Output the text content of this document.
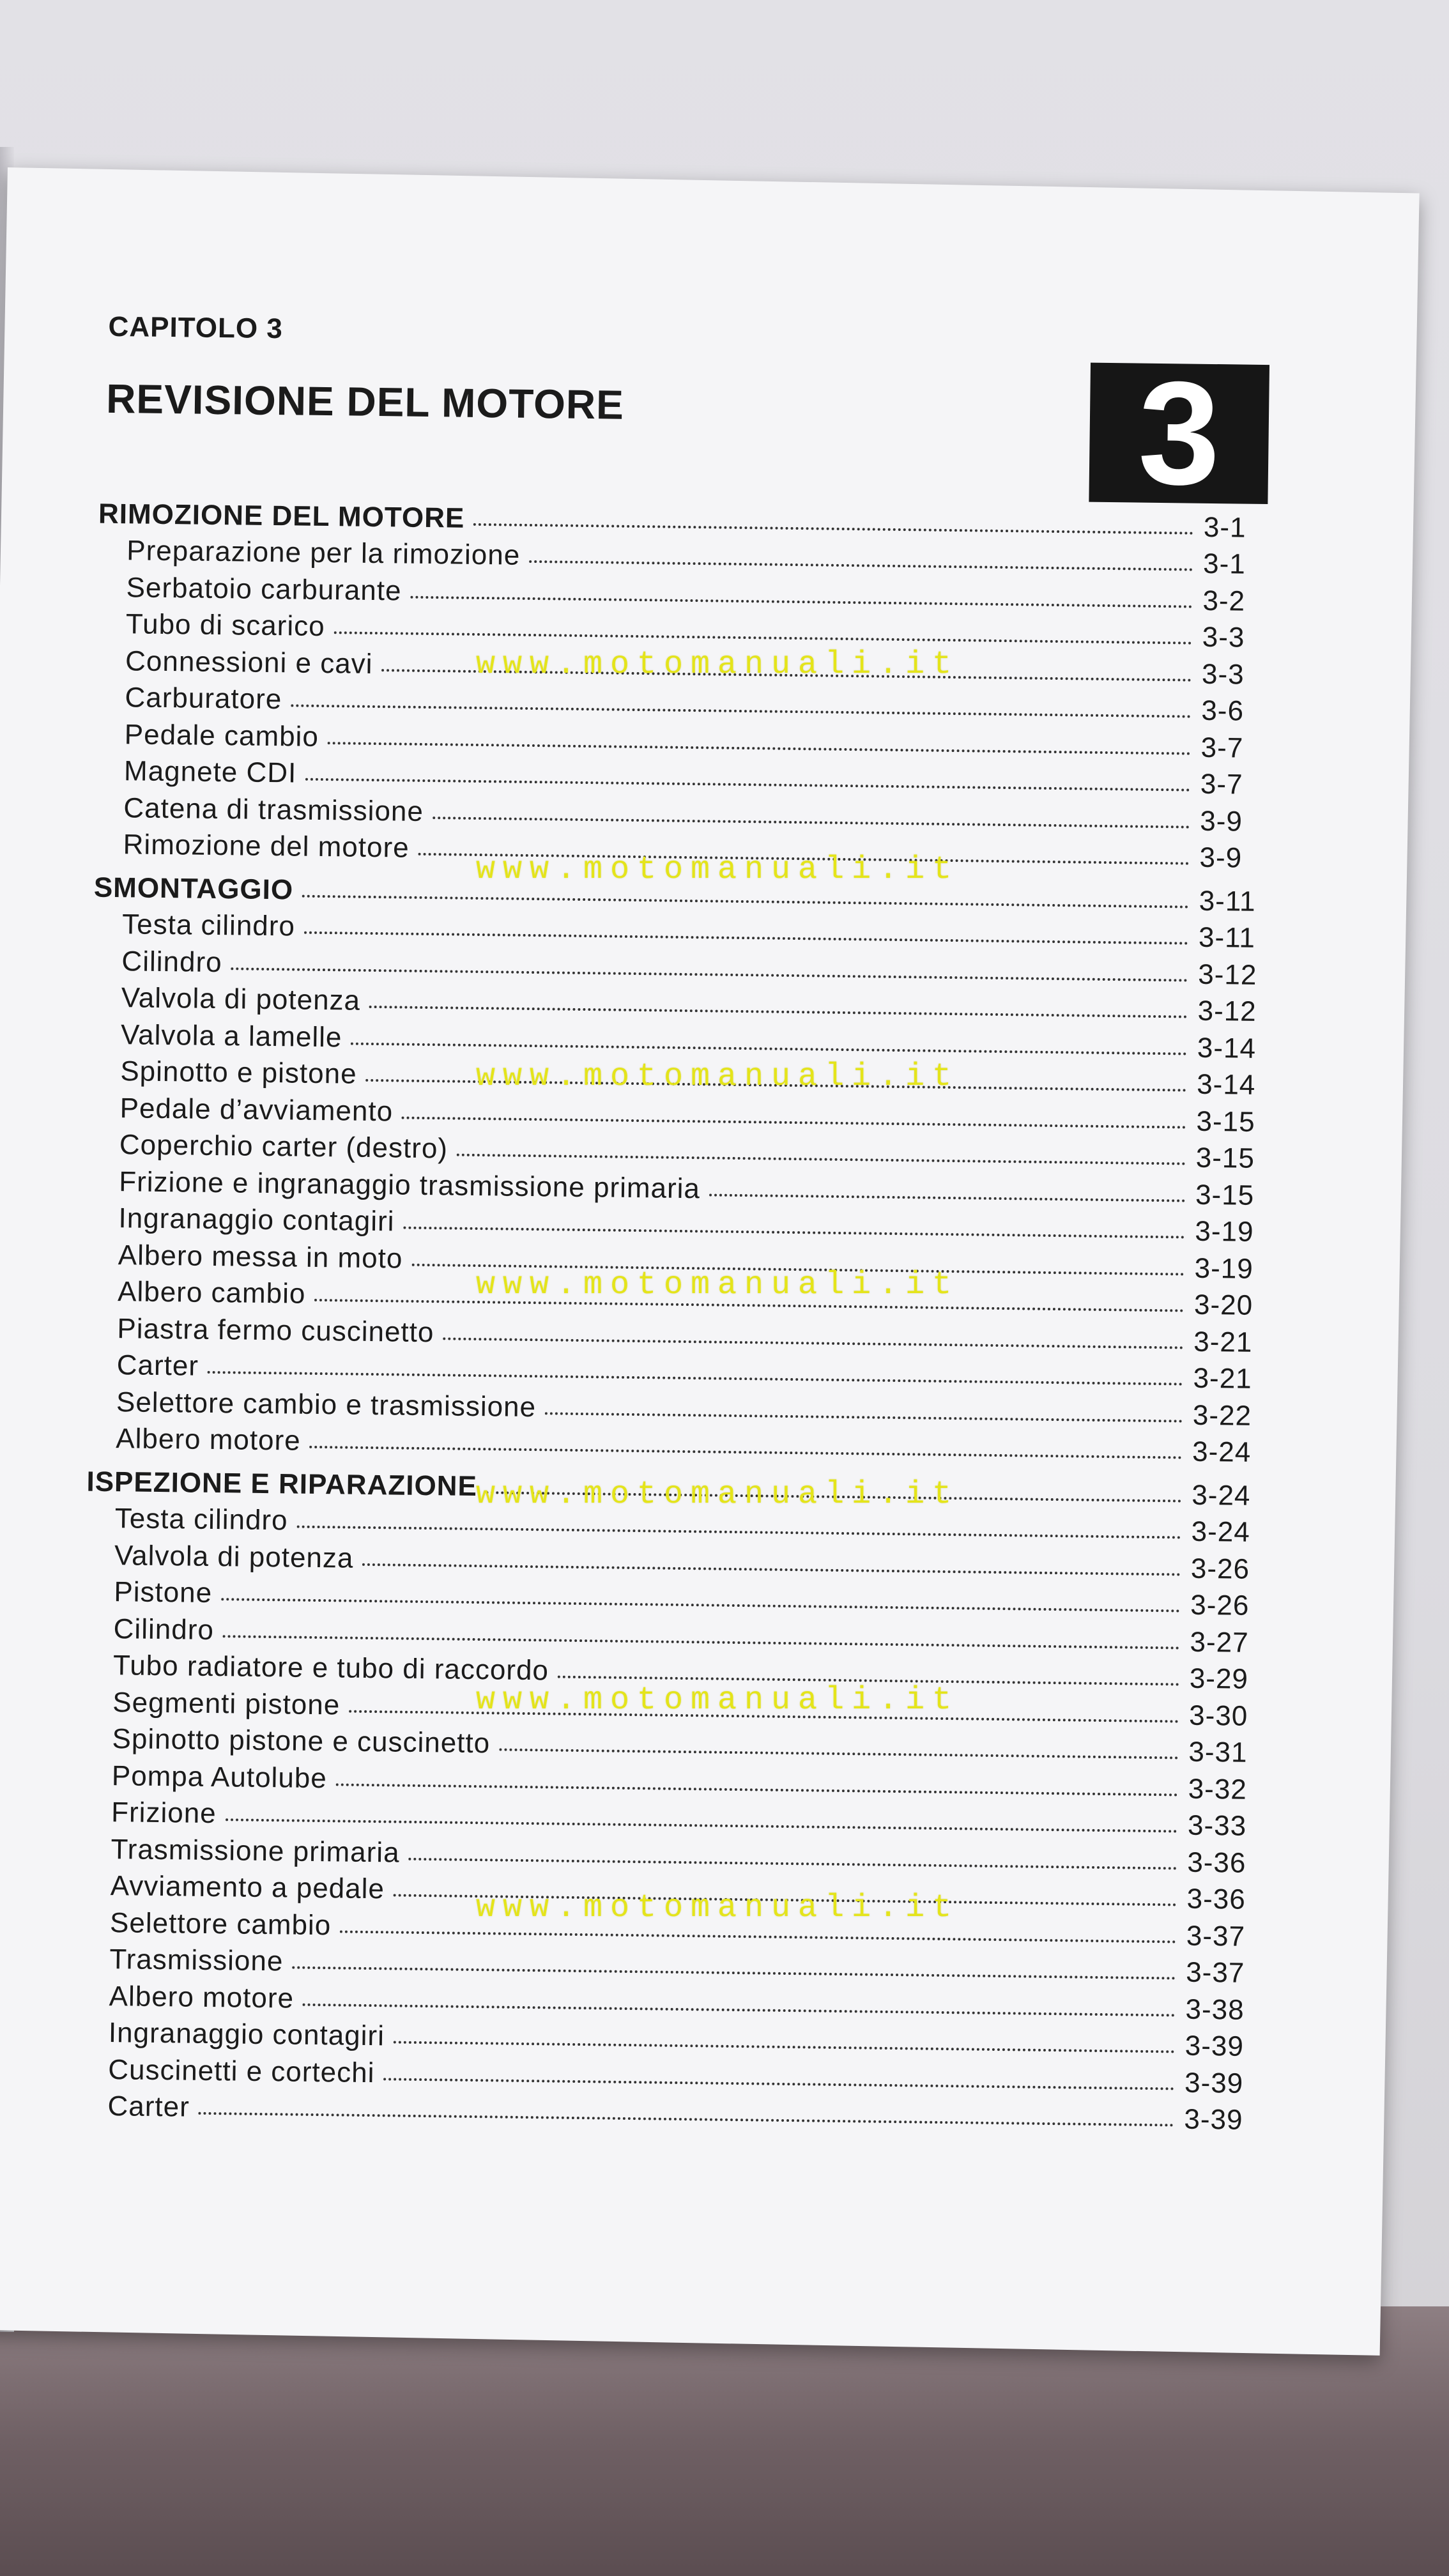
CAPITOLO 3
REVISIONE DEL MOTORE	3
RIMOZIONE DEL MOTORE	3-1
Preparazione per la rimozione	3-1
Serbatoio carburante	3-2
Tubo di scarico	3-3
Connessioni e cavi	3-3
Carburatore	3-6
Pedale cambio	3-7
Magnete CDI	3-7
Catena di trasmissione	3-9
Rimozione del motore	3-9
SMONTAGGIO	3-11
Testa cilindro	3-11
Cilindro	3-12
Valvola di potenza	3-12
Valvola a lamelle	3-14
Spinotto e pistone	3-14
Pedale d’avviamento	3-15
Coperchio carter (destro)	3-15
Frizione e ingranaggio trasmissione primaria	3-15
Ingranaggio contagiri	3-19
Albero messa in moto	3-19
Albero cambio	3-20
Piastra fermo cuscinetto	3-21
Carter	3-21
Selettore cambio e trasmissione	3-22
Albero motore	3-24
ISPEZIONE E RIPARAZIONE	3-24
Testa cilindro	3-24
Valvola di potenza	3-26
Pistone	3-26
Cilindro	3-27
Tubo radiatore e tubo di raccordo	3-29
Segmenti pistone	3-30
Spinotto pistone e cuscinetto	3-31
Pompa Autolube	3-32
Frizione	3-33
Trasmissione primaria	3-36
Avviamento a pedale	3-36
Selettore cambio	3-37
Trasmissione	3-37
Albero motore	3-38
Ingranaggio contagiri	3-39
Cuscinetti e cortechi	3-39
Carter	3-39
www.motomanuali.it
www.motomanuali.it
www.motomanuali.it
www.motomanuali.it
www.motomanuali.it
www.motomanuali.it
www.motomanuali.it
